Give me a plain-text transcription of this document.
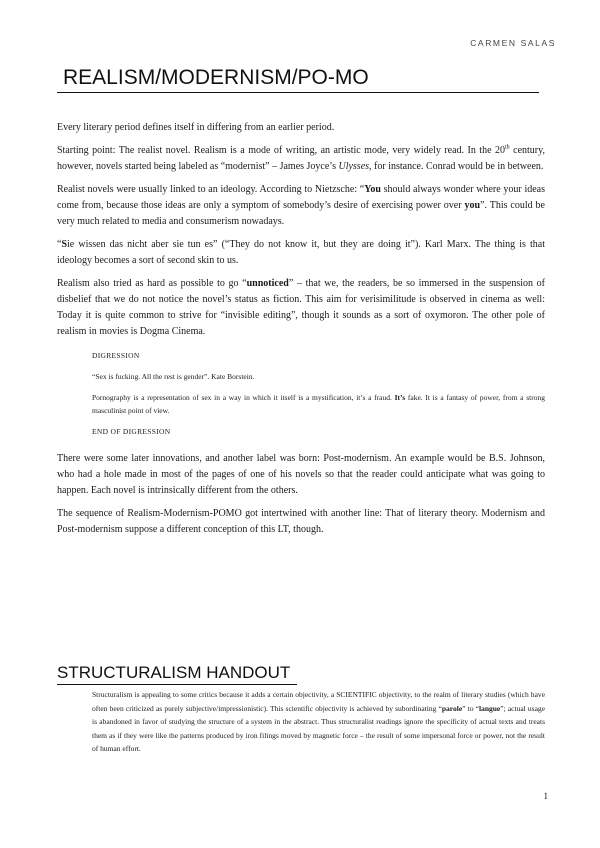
CARMEN SALAS
REALISM/MODERNISM/PO-MO

Every literary period defines itself in differing from an earlier period.

Starting point: The realist novel. Realism is a mode of writing, an artistic mode, very widely read. In the 20th century, however, novels started being labeled as “modernist” – James Joyce’s Ulysses, for instance. Conrad would be in between.

Realist novels were usually linked to an ideology. According to Nietzsche: “You should always wonder where your ideas come from, because those ideas are only a symptom of somebody’s desire of exercising power over you”. This could be very much related to media and consumerism nowadays.

“Sie wissen das nicht aber sie tun es” (“They do not know it, but they are doing it”). Karl Marx. The thing is that ideology becomes a sort of second skin to us.

Realism also tried as hard as possible to go “unnoticed” – that we, the readers, be so immersed in the suspension of disbelief that we do not notice the novel’s status as fiction. This aim for verisimilitude is observed in cinema as well: Today it is quite common to strive for “invisible editing”, though it sounds as a sort of oxymoron. The other pole of realism in movies is Dogma Cinema.

DIGRESSION

“Sex is fucking. All the rest is gender”. Kate Borstein.

Pornography is a representation of sex in a way in which it itself is a mystification, it’s a fraud. It’s fake. It is a fantasy of power, from a strong masculinist point of view.

END OF DIGRESSION

There were some later innovations, and another label was born: Post-modernism. An example would be B.S. Johnson, who had a hole made in most of the pages of one of his novels so that the reader could anticipate what was going to happen. Each novel is intrinsically different from the others.

The sequence of Realism-Modernism-POMO got intertwined with another line: That of literary theory. Modernism and Post-modernism suppose a different conception of this LT, though.

STRUCTURALISM HANDOUT

Structuralism is appealing to some critics because it adds a certain objectivity, a SCIENTIFIC objectivity, to the realm of literary studies (which have often been criticized as purely subjective/impressionistic). This scientific objectivity is achieved by subordinating “parole” to “langue”; actual usage is abandoned in favor of studying the structure of a system in the abstract. Thus structuralist readings ignore the specificity of actual texts and treats them as if they were like the patterns produced by iron filings moved by magnetic force – the result of some impersonal force or power, not the result of human effort.

1
